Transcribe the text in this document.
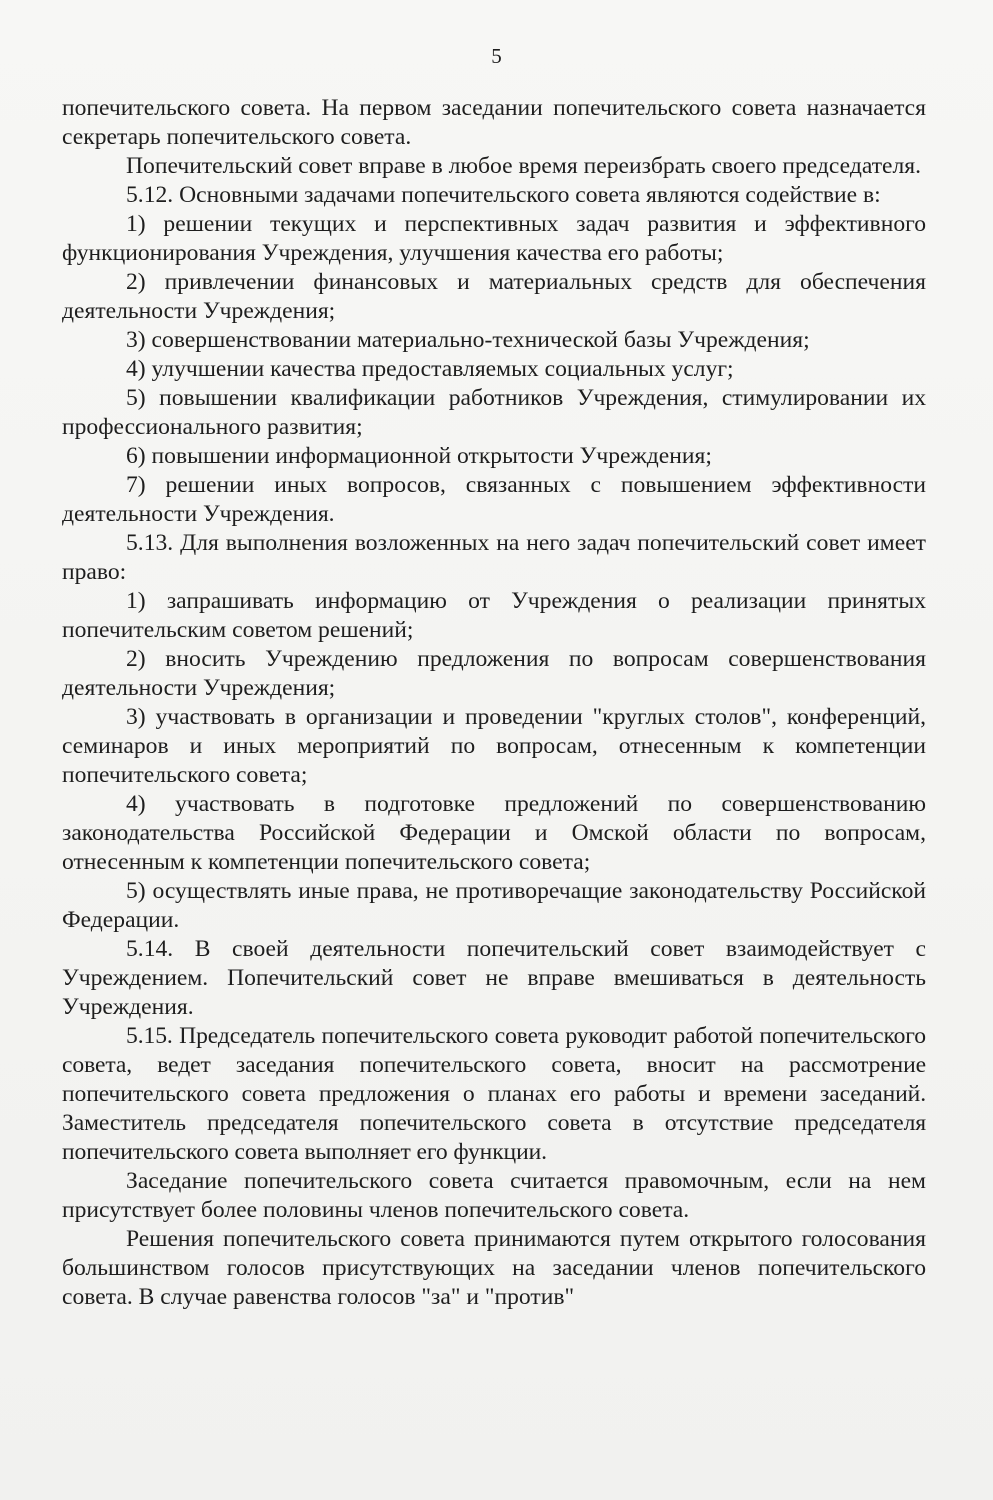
5

попечительского совета. На первом заседании попечительского совета назначается секретарь попечительского совета.

Попечительский совет вправе в любое время переизбрать своего председателя.

5.12. Основными задачами попечительского совета являются содействие в:

1) решении текущих и перспективных задач развития и эффективного функционирования Учреждения, улучшения качества его работы;

2) привлечении финансовых и материальных средств для обеспечения деятельности Учреждения;

3) совершенствовании материально-технической базы Учреждения;

4) улучшении качества предоставляемых социальных услуг;

5) повышении квалификации работников Учреждения, стимулировании их профессионального развития;

6) повышении информационной открытости Учреждения;

7) решении иных вопросов, связанных с повышением эффективности деятельности Учреждения.

5.13. Для выполнения возложенных на него задач попечительский совет имеет право:

1) запрашивать информацию от Учреждения о реализации принятых попечительским советом решений;

2) вносить Учреждению предложения по вопросам совершенствования деятельности Учреждения;

3) участвовать в организации и проведении "круглых столов", конференций, семинаров и иных мероприятий по вопросам, отнесенным к компетенции попечительского совета;

4) участвовать в подготовке предложений по совершенствованию законодательства Российской Федерации и Омской области по вопросам, отнесенным к компетенции попечительского совета;

5) осуществлять иные права, не противоречащие законодательству Российской Федерации.

5.14. В своей деятельности попечительский совет взаимодействует с Учреждением. Попечительский совет не вправе вмешиваться в деятельность Учреждения.

5.15. Председатель попечительского совета руководит работой попечительского совета, ведет заседания попечительского совета, вносит на рассмотрение попечительского совета предложения о планах его работы и времени заседаний. Заместитель председателя попечительского совета в отсутствие председателя попечительского совета выполняет его функции.

Заседание попечительского совета считается правомочным, если на нем присутствует более половины членов попечительского совета.

Решения попечительского совета принимаются путем открытого голосования большинством голосов присутствующих на заседании членов попечительского совета. В случае равенства голосов "за" и "против"
